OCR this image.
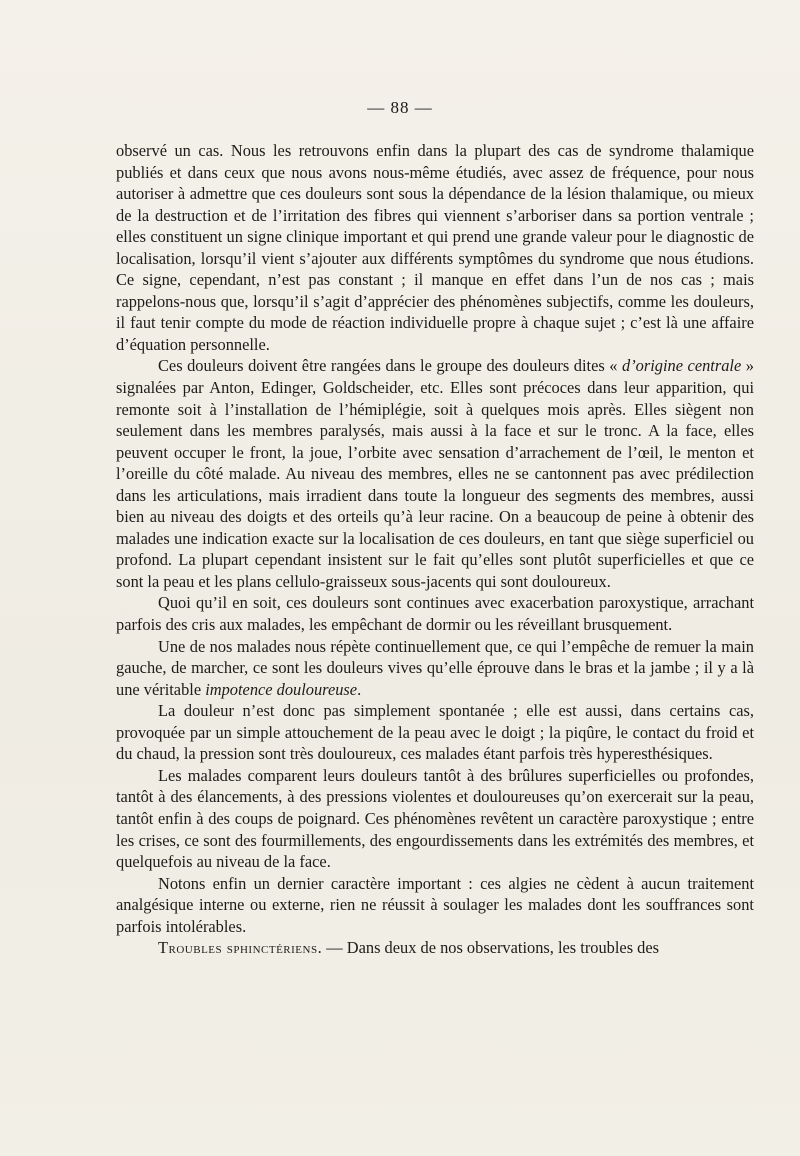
— 88 —

observé un cas. Nous les retrouvons enfin dans la plupart des cas de syndrome thalamique publiés et dans ceux que nous avons nous-même étudiés, avec assez de fréquence, pour nous autoriser à admettre que ces douleurs sont sous la dépendance de la lésion thalamique, ou mieux de la destruction et de l’irritation des fibres qui viennent s’arboriser dans sa portion ventrale ; elles constituent un signe clinique important et qui prend une grande valeur pour le diagnostic de localisation, lorsqu’il vient s’ajouter aux différents symptômes du syndrome que nous étudions. Ce signe, cependant, n’est pas constant ; il manque en effet dans l’un de nos cas ; mais rappelons-nous que, lorsqu’il s’agit d’apprécier des phénomènes subjectifs, comme les douleurs, il faut tenir compte du mode de réaction individuelle propre à chaque sujet ; c’est là une affaire d’équation personnelle.

Ces douleurs doivent être rangées dans le groupe des douleurs dites « d’origine centrale » signalées par Anton, Edinger, Goldscheider, etc. Elles sont précoces dans leur apparition, qui remonte soit à l’installation de l’hémiplégie, soit à quelques mois après. Elles siègent non seulement dans les membres paralysés, mais aussi à la face et sur le tronc. A la face, elles peuvent occuper le front, la joue, l’orbite avec sensation d’arrachement de l’œil, le menton et l’oreille du côté malade. Au niveau des membres, elles ne se cantonnent pas avec prédilection dans les articulations, mais irradient dans toute la longueur des segments des membres, aussi bien au niveau des doigts et des orteils qu’à leur racine. On a beaucoup de peine à obtenir des malades une indication exacte sur la localisation de ces douleurs, en tant que siège superficiel ou profond. La plupart cependant insistent sur le fait qu’elles sont plutôt superficielles et que ce sont la peau et les plans cellulo-graisseux sous-jacents qui sont douloureux.

Quoi qu’il en soit, ces douleurs sont continues avec exacerbation paroxystique, arrachant parfois des cris aux malades, les empêchant de dormir ou les réveillant brusquement.

Une de nos malades nous répète continuellement que, ce qui l’empêche de remuer la main gauche, de marcher, ce sont les douleurs vives qu’elle éprouve dans le bras et la jambe ; il y a là une véritable impotence douloureuse.

La douleur n’est donc pas simplement spontanée ; elle est aussi, dans certains cas, provoquée par un simple attouchement de la peau avec le doigt ; la piqûre, le contact du froid et du chaud, la pression sont très douloureux, ces malades étant parfois très hyperesthésiques.

Les malades comparent leurs douleurs tantôt à des brûlures superficielles ou profondes, tantôt à des élancements, à des pressions violentes et douloureuses qu’on exercerait sur la peau, tantôt enfin à des coups de poignard. Ces phénomènes revêtent un caractère paroxystique ; entre les crises, ce sont des fourmillements, des engourdissements dans les extrémités des membres, et quelquefois au niveau de la face.

Notons enfin un dernier caractère important : ces algies ne cèdent à aucun traitement analgésique interne ou externe, rien ne réussit à soulager les malades dont les souffrances sont parfois intolérables.

Troubles sphinctériens. — Dans deux de nos observations, les troubles des
